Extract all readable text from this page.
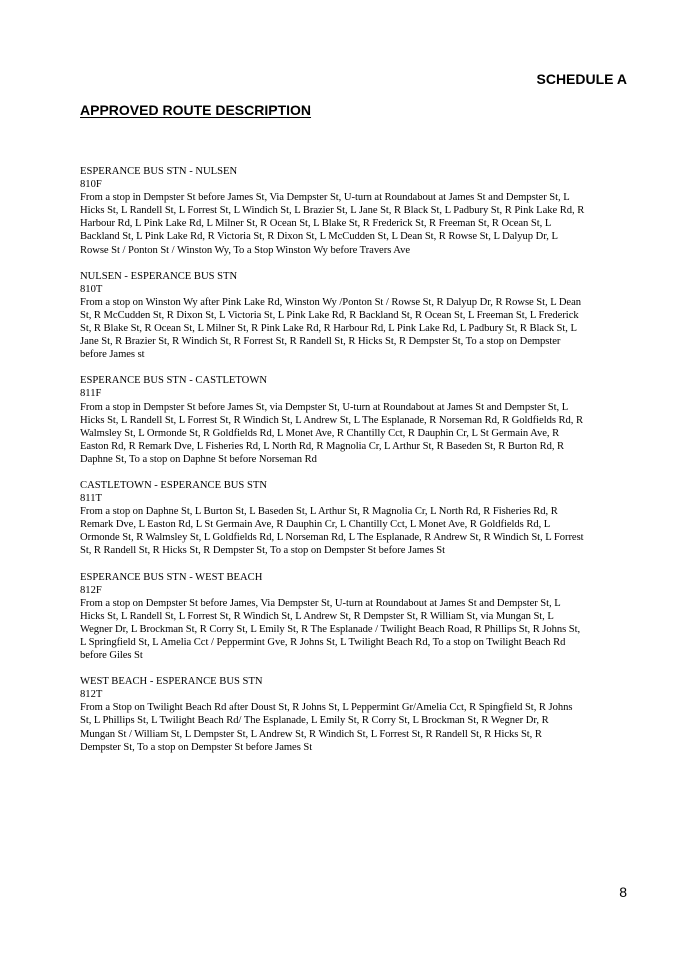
SCHEDULE A
APPROVED ROUTE DESCRIPTION
ESPERANCE BUS STN - NULSEN
810F
From a stop in Dempster St before James St, Via Dempster St, U-turn at Roundabout at James St and Dempster St, L Hicks St, L Randell St, L Forrest St, L Windich St, L Brazier St, L Jane St, R Black St, L Padbury St, R Pink Lake Rd, R Harbour Rd, L Pink Lake Rd, L Milner St, R Ocean St, L Blake St, R Frederick St, R Freeman St, R Ocean St, L Backland St, L Pink Lake Rd, R Victoria St, R Dixon St, L McCudden St, L Dean St, R Rowse St, L Dalyup Dr, L Rowse St / Ponton St / Winston Wy, To a Stop Winston Wy before Travers Ave
NULSEN - ESPERANCE BUS STN
810T
From a stop on Winston Wy after Pink Lake Rd, Winston Wy /Ponton St / Rowse St, R Dalyup Dr, R Rowse St, L Dean St, R McCudden St, R Dixon St, L Victoria St, L Pink Lake Rd, R Backland St, R Ocean St, L Freeman St, L Frederick St, R Blake St, R Ocean St, L Milner St, R Pink Lake Rd, R Harbour Rd, L Pink Lake Rd, L Padbury St, R Black St, L Jane St, R Brazier St, R Windich St, R Forrest St, R Randell St, R Hicks St, R Dempster St, To a stop on Dempster before James st
ESPERANCE BUS STN - CASTLETOWN
811F
From a stop in Dempster St before James St, via Dempster St, U-turn at Roundabout at James St and Dempster St, L Hicks St, L Randell St, L Forrest St, R Windich St, L Andrew St, L The Esplanade, R Norseman Rd, R Goldfields Rd, R Walmsley St, L Ormonde St, R Goldfields Rd, L Monet Ave, R Chantilly Cct, R Dauphin Cr, L St Germain Ave, R Easton Rd, R Remark Dve, L Fisheries Rd, L North Rd, R Magnolia Cr, L Arthur St, R Baseden St, R Burton Rd, R Daphne St, To a stop on Daphne St before Norseman Rd
CASTLETOWN - ESPERANCE BUS STN
811T
From a stop on Daphne St, L Burton St, L Baseden St, L Arthur St, R Magnolia Cr, L North Rd, R Fisheries Rd, R Remark Dve, L Easton Rd, L St Germain Ave, R Dauphin Cr, L Chantilly Cct, L Monet Ave, R Goldfields Rd, L Ormonde St, R Walmsley St, L Goldfields Rd, L Norseman Rd, L The Esplanade, R Andrew St, R Windich St, L Forrest St, R Randell St, R Hicks St, R Dempster St, To a stop on Dempster St before James St
ESPERANCE BUS STN - WEST BEACH
812F
From a stop on Dempster St before James, Via Dempster St, U-turn at Roundabout at James St and Dempster St, L Hicks St, L Randell St, L Forrest St, R Windich St, L Andrew St, R Dempster St, R William St, via Mungan St, L Wegner Dr, L Brockman St, R Corry St, L Emily St, R The Esplanade / Twilight Beach Road, R Phillips St, R Johns St, L Springfield St, L Amelia Cct / Peppermint Gve, R Johns St, L Twilight Beach Rd, To a stop on Twilight Beach Rd before Giles St
WEST BEACH - ESPERANCE BUS STN
812T
From a Stop on Twilight Beach Rd after Doust St, R Johns St, L Peppermint Gr/Amelia Cct, R Spingfield St, R Johns St, L Phillips St, L Twilight Beach Rd/ The Esplanade, L Emily St, R Corry St, L Brockman St, R Wegner Dr, R Mungan St / William St, L Dempster St, L Andrew St, R Windich St, L Forrest St, R Randell St, R Hicks St, R Dempster St, To a stop on Dempster St before James St
8
